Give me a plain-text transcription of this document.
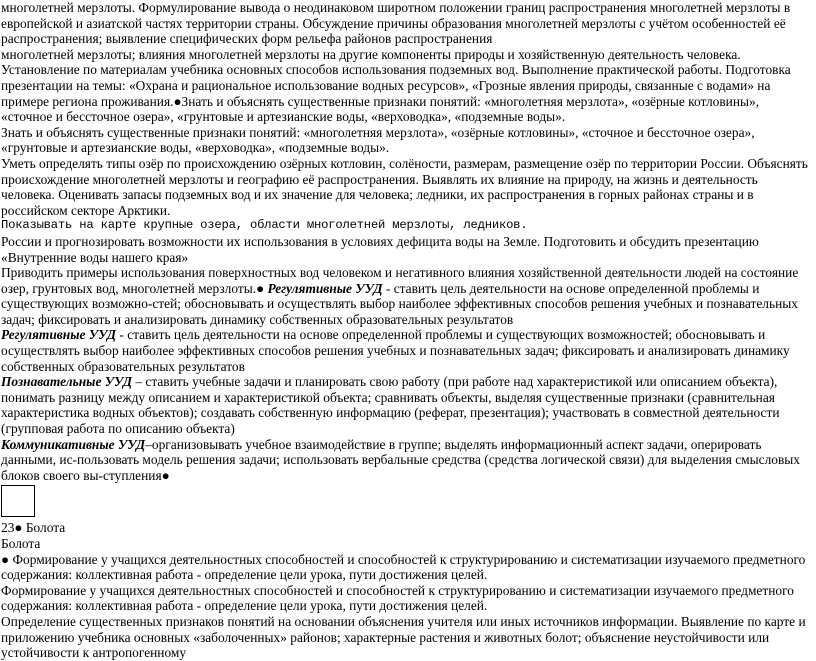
многолетней мерзлоты. Формулирование вывода о неодинаковом широтном положении границ распространения многолетней мерзлоты в европейской и азиатской частях территории страны. Обсуждение причины образования многолетней мерзлоты с учётом особенностей её распространения; выявление специфических форм рельефа районов распространения

многолетней мерзлоты; влияния многолетней мерзлоты на другие компоненты природы и хозяйственную деятельность человека. Установление по материалам учебника основных способов использования подземных вод. Выполнение практической работы. Подготовка презентации на темы: «Охрана и рациональное использование водных ресурсов», «Грозные явления природы, связанные с водами» на примере региона проживания.●Знать и объяснять существенные признаки понятий: «многолетняя мерзлота», «озёрные котловины», «сточное и бессточное озера», «грунтовые и артезианские воды, «верховодка», «подземные воды».

Знать и объяснять существенные признаки понятий: «многолетняя мерзлота», «озёрные котловины», «сточное и бессточное озера», «грунтовые и артезианские воды, «верховодка», «подземные воды».

Уметь определять типы озёр по происхождению озёрных котловин, солёности, размерам, размещение озёр по территории России. Объяснять происхождение многолетней мерзлоты и географию её распространения. Выявлять их влияние на природу, на жизнь и деятельность человека. Оценивать запасы подземных вод и их значение для человека; ледники, их распространения в горных районах страны и в российском секторе Арктики.

Показывать на карте крупные озера, области многолетней мерзлоты, ледников.

России и прогнозировать возможности их использования в условиях дефицита воды на Земле. Подготовить и обсудить презентацию «Внутренние воды нашего края»

Приводить примеры использования поверхностных вод человеком и негативного влияния хозяйственной деятельности людей на состояние озер, грунтовых вод, многолетней мерзлоты.● Регулятивные УУД - ставить цель деятельности на основе определенной проблемы и существующих возможно-стей; обосновывать и осуществлять выбор наиболее эффективных способов решения учебных и познавательных задач; фиксировать и анализировать динамику собственных образовательных результатов

Регулятивные УУД - ставить цель деятельности на основе определенной проблемы и существующих возможностей; обосновывать и осуществлять выбор наиболее эффективных способов решения учебных и познавательных задач; фиксировать и анализировать динамику собственных образовательных результатов

Познавательные УУД – ставить учебные задачи и планировать свою работу (при работе над характеристикой или описанием объекта), понимать разницу между описанием и характеристикой объекта; сравнивать объекты, выделяя существенные признаки (сравнительная характеристика водных объектов); создавать собственную информацию (реферат, презентация); участвовать в совместной деятельности (групповая работа по описанию объекта)

Коммуникативные УУД–организовывать учебное взаимодействие в группе; выделять информационный аспект задачи, оперировать данными, ис-пользовать модель решения задачи; использовать вербальные средства (средства логической связи) для выделения смысловых блоков своего вы-ступления●

23● Болота

Болота

● Формирование у учащихся деятельностных способностей и способностей к структурированию и систематизации изучаемого предметного содержания: коллективная работа - определение цели урока, пути достижения целей.

Формирование у учащихся деятельностных способностей и способностей к структурированию и систематизации изучаемого предметного содержания: коллективная работа - определение цели урока, пути достижения целей.

Определение существенных признаков понятий на основании объяснения учителя или иных источников информации. Выявление по карте и приложению учебника основных «заболоченных» районов; характерные растения и животных болот; объяснение неустойчивости или устойчивости к антропогенному
